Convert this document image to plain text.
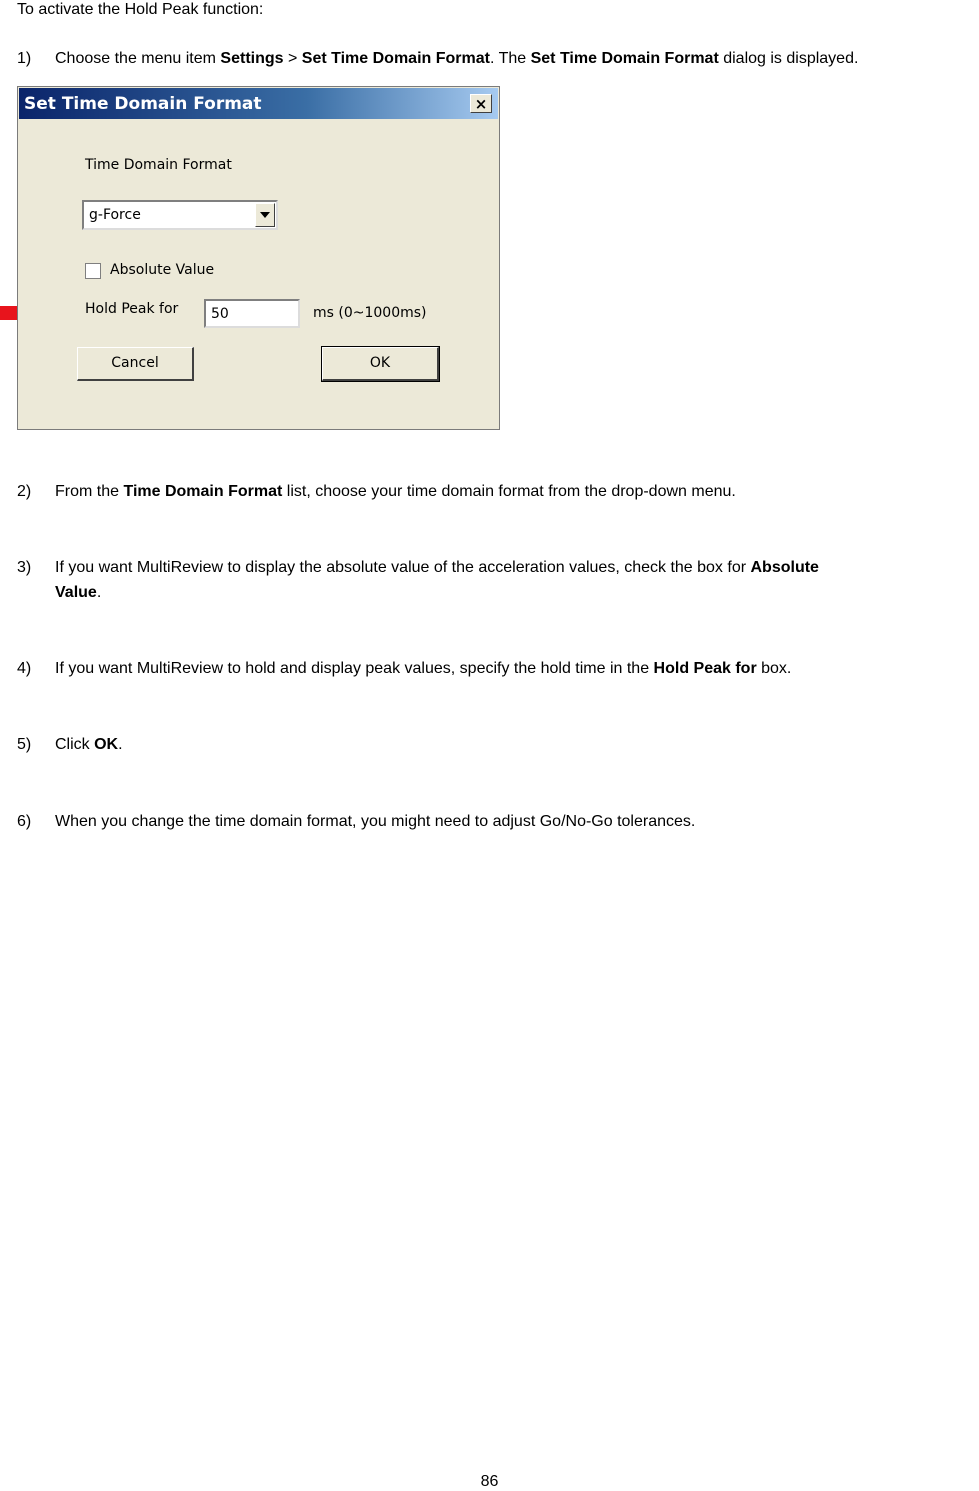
To activate the Hold Peak function:
1)	Choose the menu item Settings > Set Time Domain Format. The Set Time Domain Format dialog is displayed.
Set Time Domain Format	×
Time Domain Format
g-Force
Absolute Value
Hold Peak for
50	ms (0~1000ms)
Cancel	OK
2)	From the Time Domain Format list, choose your time domain format from the drop-down menu.
3)	If you want MultiReview to display the absolute value of the acceleration values, check the box for Absolute
Value.
4)	If you want MultiReview to hold and display peak values, specify the hold time in the Hold Peak for box.
5)	Click OK.
6)	When you change the time domain format, you might need to adjust Go/No-Go tolerances.
86
